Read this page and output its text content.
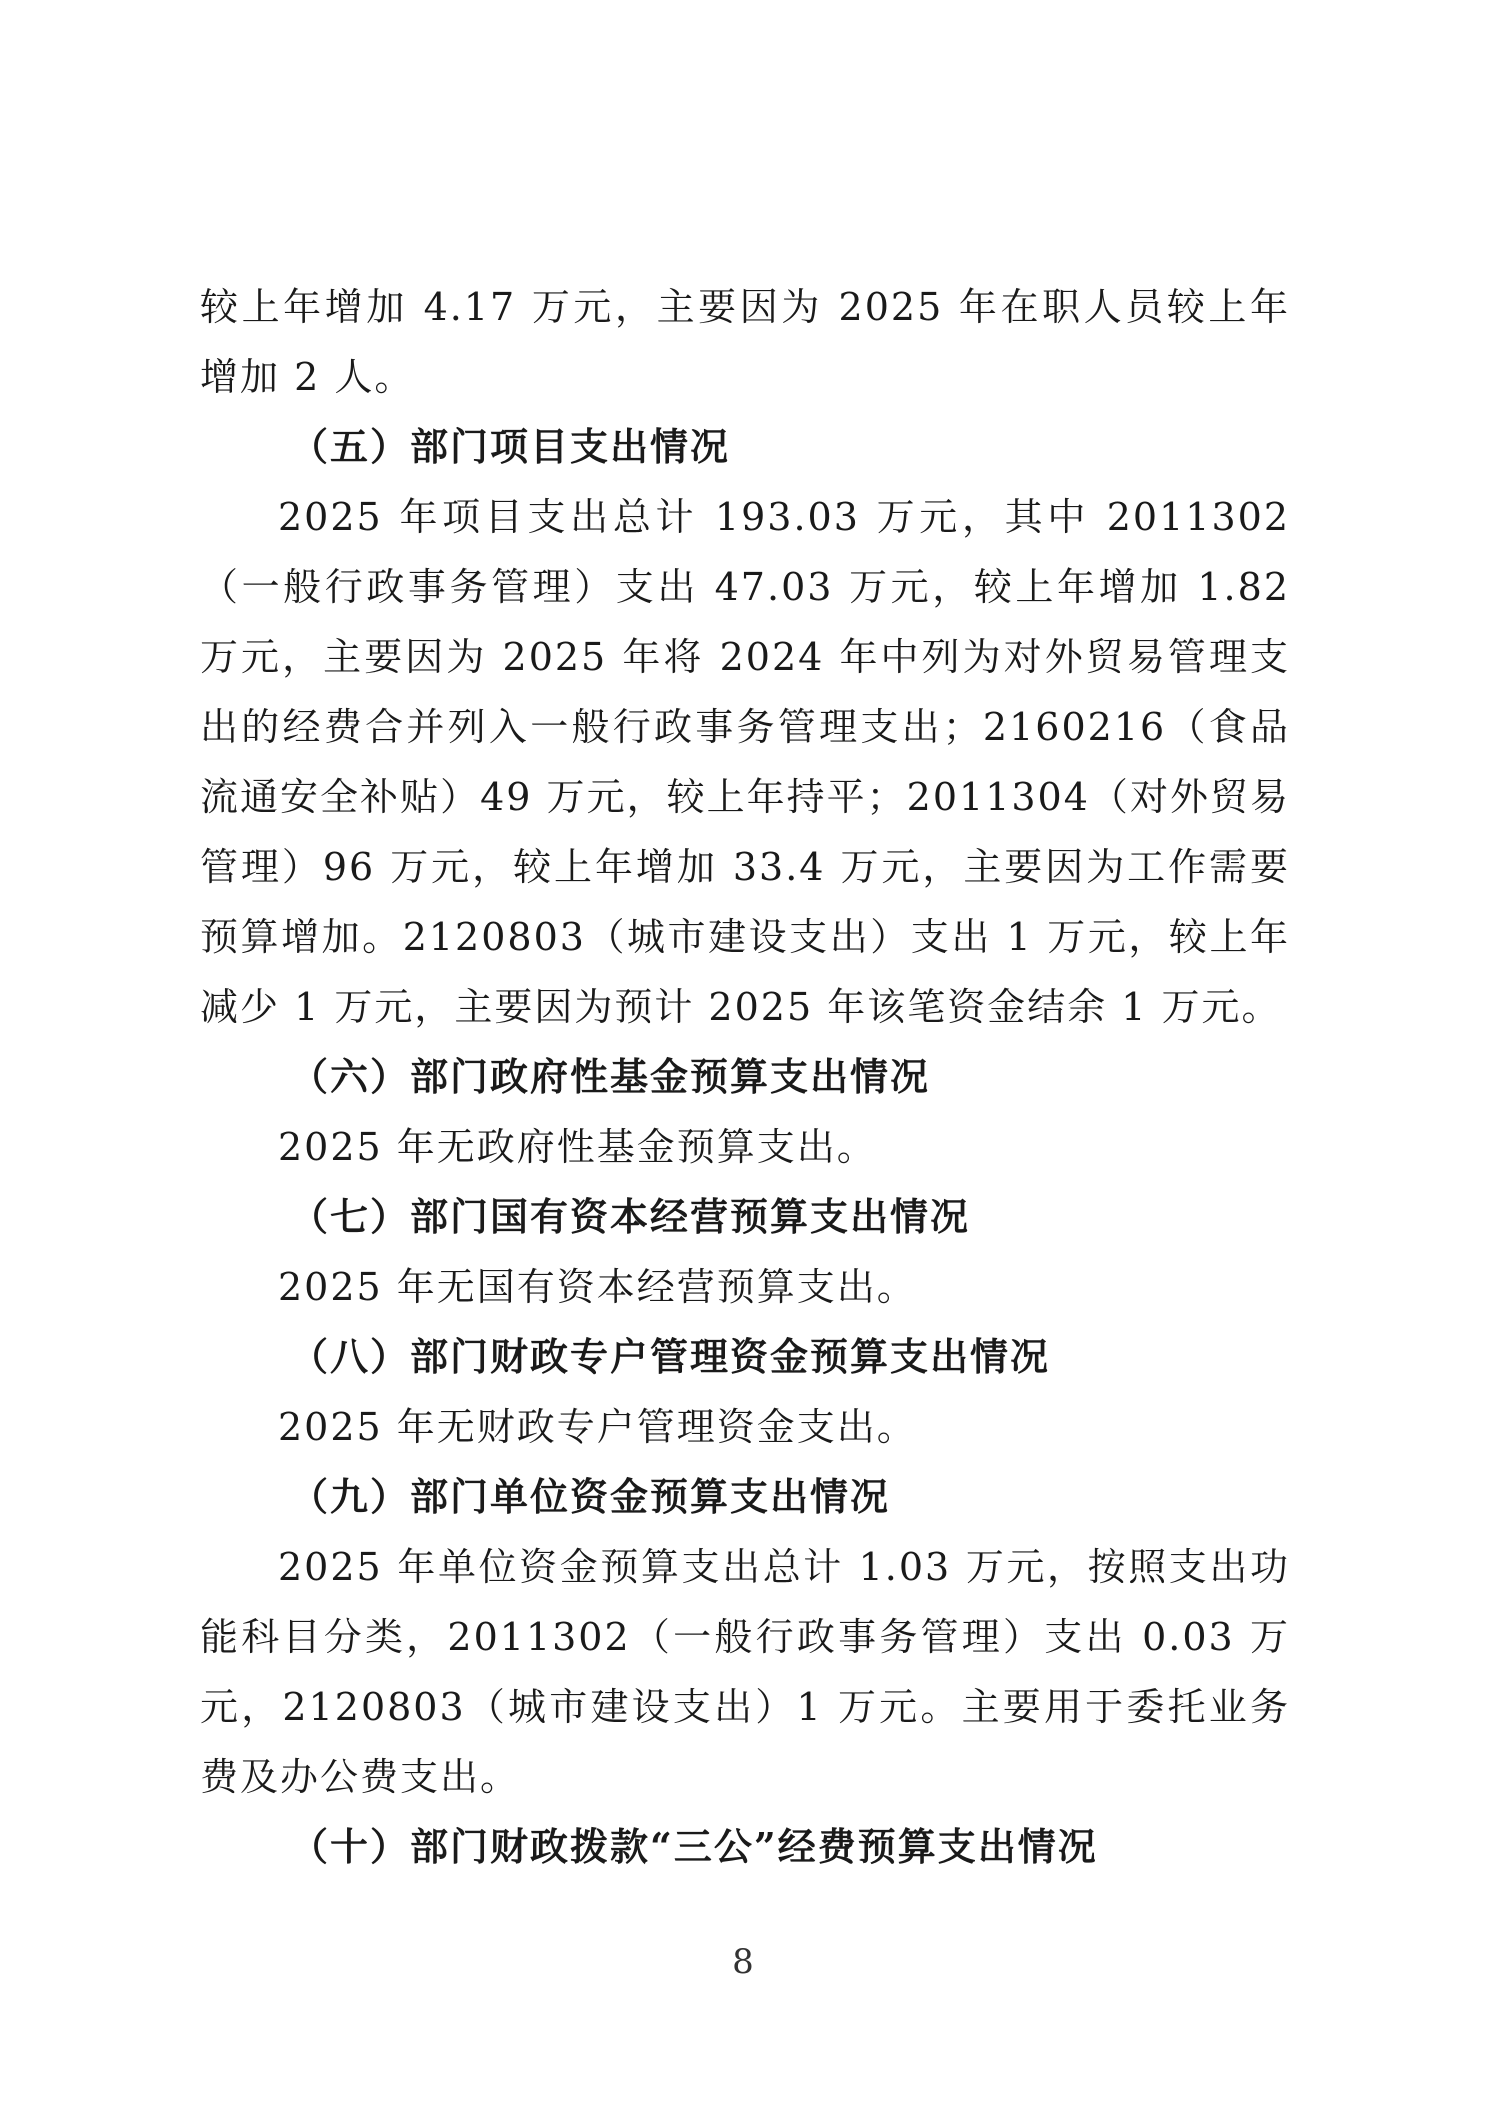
较上年增加 4.17 万元，主要因为 2025 年在职人员较上年增加 2 人。

（五）部门项目支出情况

2025 年项目支出总计 193.03 万元，其中 2011302（一般行政事务管理）支出 47.03 万元，较上年增加 1.82 万元，主要因为 2025 年将 2024 年中列为对外贸易管理支出的经费合并列入一般行政事务管理支出；2160216（食品流通安全补贴）49 万元，较上年持平；2011304（对外贸易管理）96 万元，较上年增加 33.4 万元，主要因为工作需要预算增加。2120803（城市建设支出）支出 1 万元，较上年减少 1 万元，主要因为预计 2025 年该笔资金结余 1 万元。

（六）部门政府性基金预算支出情况

2025 年无政府性基金预算支出。

（七）部门国有资本经营预算支出情况

2025 年无国有资本经营预算支出。

（八）部门财政专户管理资金预算支出情况

2025 年无财政专户管理资金支出。

（九）部门单位资金预算支出情况

2025 年单位资金预算支出总计 1.03 万元，按照支出功能科目分类，2011302（一般行政事务管理）支出 0.03 万元，2120803（城市建设支出）1 万元。主要用于委托业务费及办公费支出。

（十）部门财政拨款“三公”经费预算支出情况

8
